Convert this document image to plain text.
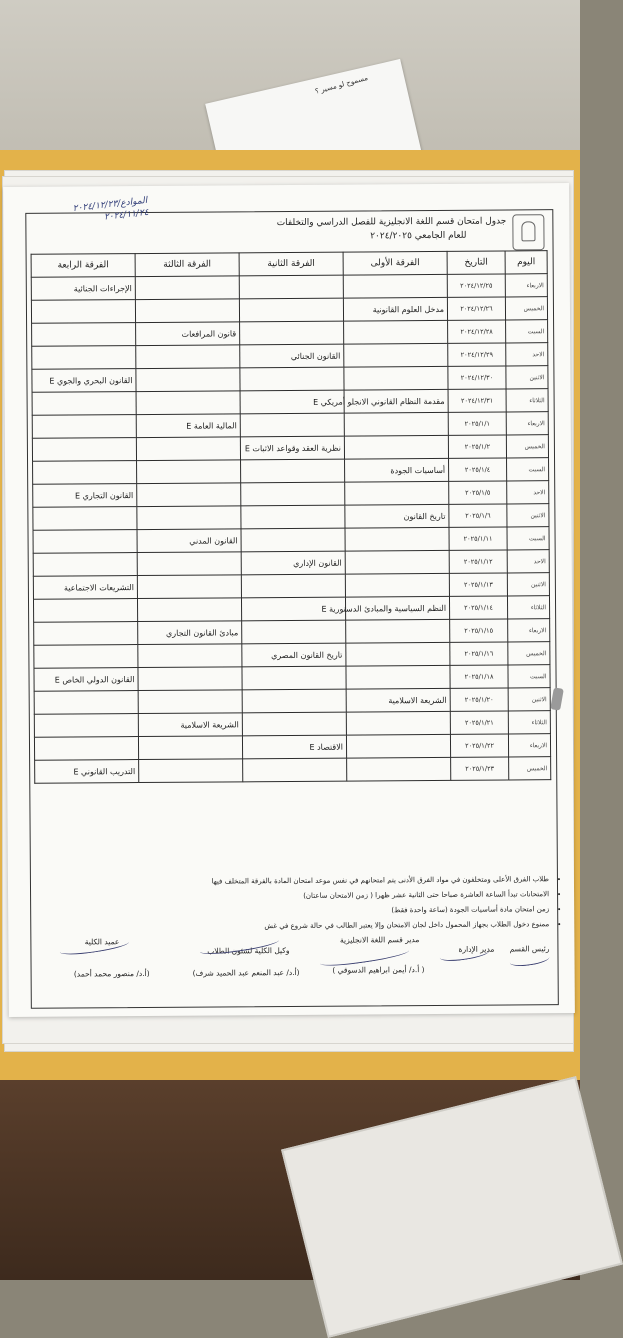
مسموح لو مسير ؟
جدول امتحان قسم اللغة الانجليزية للفصل الدراسي والتخلفات
للعام الجامعي ٢٠٢٤/٢٠٢٥
الموادع/٢٠٢٤/١٢/٢٣ ٢٠٢٤/١١/٢٤
اليوم	التاريخ	الفرقة الأولى	الفرقة الثانية	الفرقة الثالثة	الفرقة الرابعة
الاربعاء	٢٠٢٤/١٢/٢٥				الإجراءات الجنائية
الخميس	٢٠٢٤/١٢/٢٦	مدخل العلوم القانونية			
السبت	٢٠٢٤/١٢/٢٨			قانون المرافعات	
الاحد	٢٠٢٤/١٢/٢٩		القانون الجنائي		
الاثنين	٢٠٢٤/١٢/٣٠				القانون البحري والجوي E
الثلاثاء	٢٠٢٤/١٢/٣١	مقدمة النظام القانوني الانجلو أمريكي E			
الاربعاء	٢٠٢٥/١/١			المالية العامة E	
الخميس	٢٠٢٥/١/٢		نظرية العقد وقواعد الاثبات E		
السبت	٢٠٢٥/١/٤	أساسيات الجودة			
الاحد	٢٠٢٥/١/٥				القانون التجاري E
الاثنين	٢٠٢٥/١/٦	تاريخ القانون			
السبت	٢٠٢٥/١/١١			القانون المدني	
الاحد	٢٠٢٥/١/١٢		القانون الإداري		
الاثنين	٢٠٢٥/١/١٣				التشريعات الاجتماعية
الثلاثاء	٢٠٢٥/١/١٤	النظم السياسية والمبادئ الدستورية E			
الاربعاء	٢٠٢٥/١/١٥			مبادئ القانون التجاري	
الخميس	٢٠٢٥/١/١٦		تاريخ القانون المصري		
السبت	٢٠٢٥/١/١٨				القانون الدولي الخاص E
الاثنين	٢٠٢٥/١/٢٠	الشريعة الاسلامية			
الثلاثاء	٢٠٢٥/١/٢١			الشريعة الاسلامية	
الاربعاء	٢٠٢٥/١/٢٢		الاقتصاد E		
الخميس	٢٠٢٥/١/٢٣				التدريب القانوني E
• طلاب الفرق الأعلى ومتخلفون في مواد الفرق الأدنى يتم امتحانهم في نفس موعد امتحان المادة بالفرقة المتخلف فيها
• الامتحانات تبدأ الساعة العاشرة صباحا حتى الثانية عشر ظهرا ( زمن الامتحان ساعتان)
• زمن امتحان مادة أساسيات الجودة (ساعة واحدة فقط)
• ممنوع دخول الطلاب بجهاز المحمول داخل لجان الامتحان وإلا يعتبر الطالب في حالة شروع في غش
رئيس القسم
مدير الإدارة
مدير قسم اللغة الانجليزية
( أ.د/ أيمن ابراهيم الدسوقي )
وكيل الكلية لشئون الطلاب
(أ.د/ عبد المنعم عبد الحميد شرف)
عميد الكلية
(أ.د/ منصور محمد أحمد)
